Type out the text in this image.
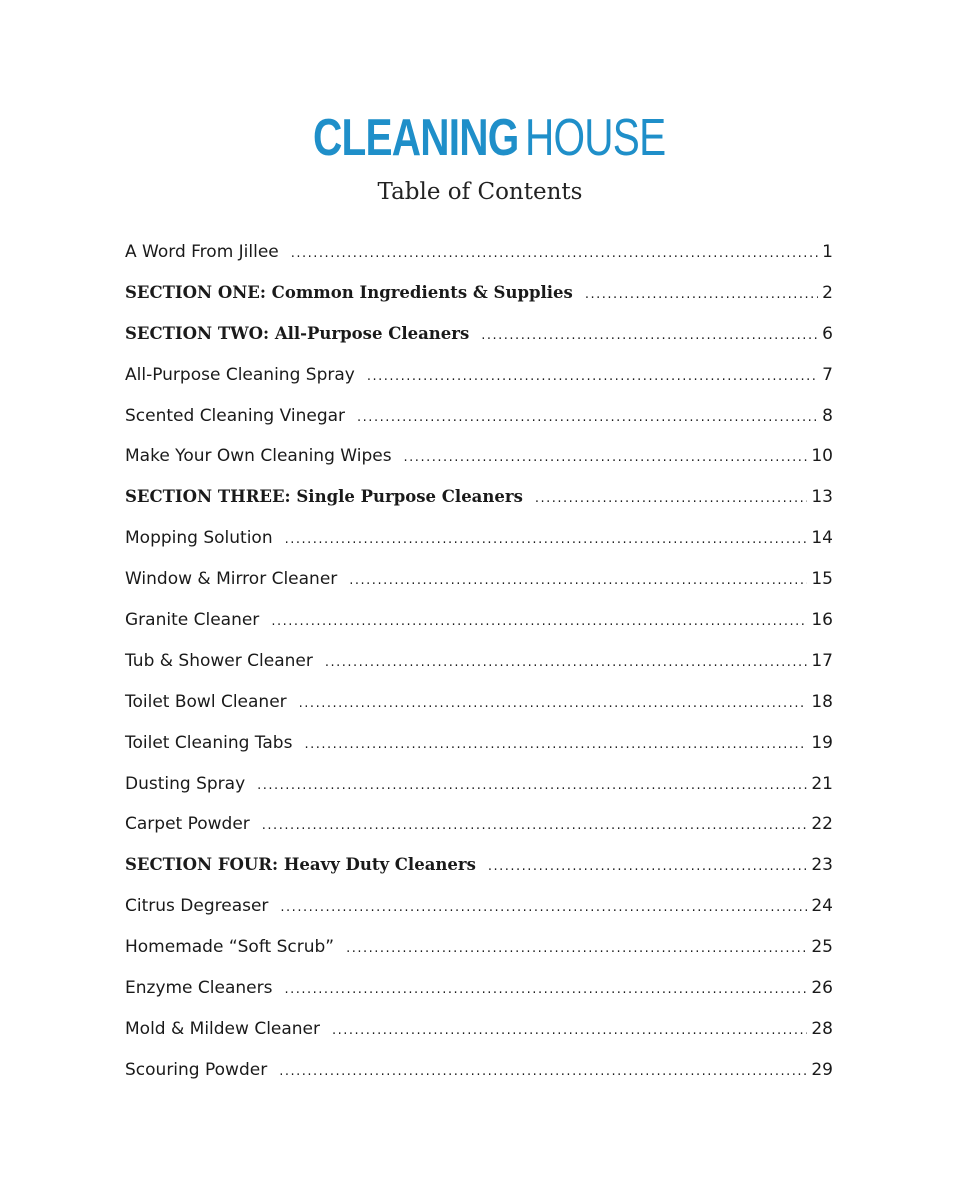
CLEANING HOUSE
Table of Contents
A Word From Jillee .....	1
SECTION ONE: Common Ingredients & Supplies .....	2
SECTION TWO: All-Purpose Cleaners .....	6
All-Purpose Cleaning Spray .....	7
Scented Cleaning Vinegar .....	8
Make Your Own Cleaning Wipes .....	10
SECTION THREE: Single Purpose Cleaners .....	13
Mopping Solution .....	14
Window & Mirror Cleaner .....	15
Granite Cleaner .....	16
Tub & Shower Cleaner .....	17
Toilet Bowl Cleaner .....	18
Toilet Cleaning Tabs .....	19
Dusting Spray .....	21
Carpet Powder .....	22
SECTION FOUR: Heavy Duty Cleaners .....	23
Citrus Degreaser .....	24
Homemade “Soft Scrub” .....	25
Enzyme Cleaners .....	26
Mold & Mildew Cleaner .....	28
Scouring Powder .....	29
